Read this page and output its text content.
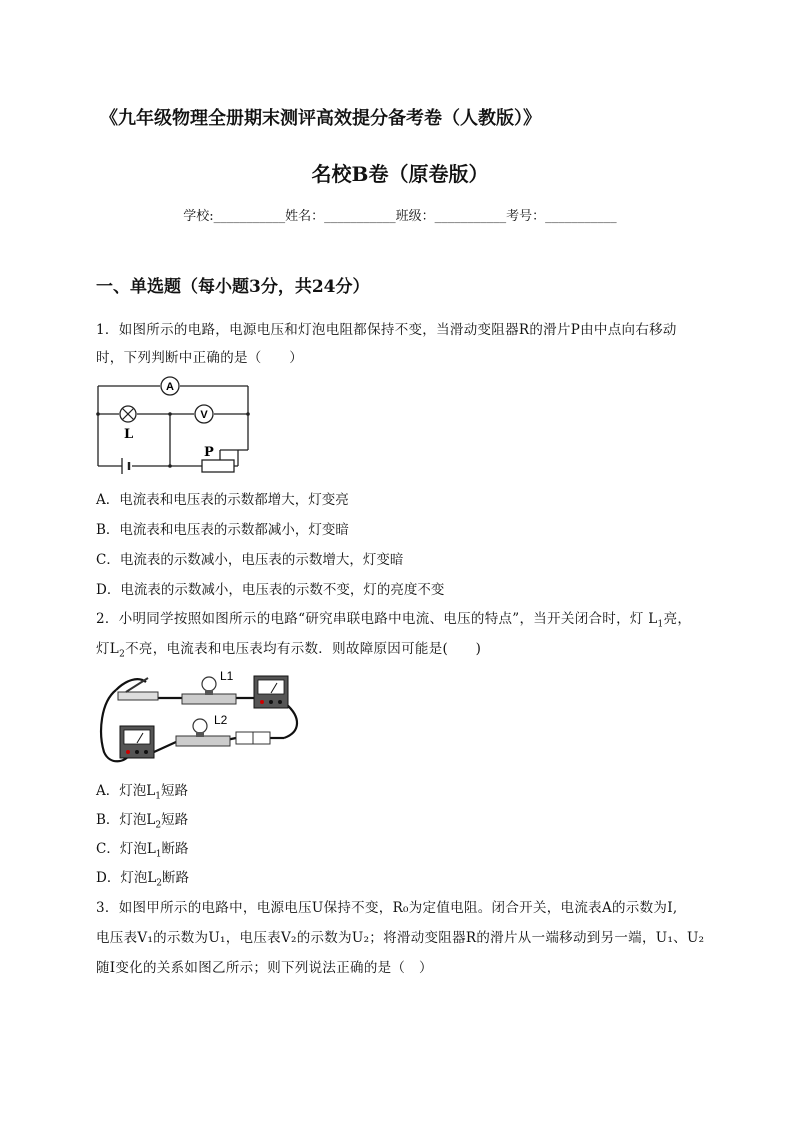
《九年级物理全册期末测评高效提分备考卷（人教版）》
名校B卷（原卷版）
学校:___________姓名：___________班级：___________考号：___________
一、单选题（每小题3分，共24分）
1．如图所示的电路，电源电压和灯泡电阻都保持不变，当滑动变阻器R的滑片P由中点向右移动
时，下列判断中正确的是（　　）
A
V
L
P
A．电流表和电压表的示数都增大，灯变亮
B．电流表和电压表的示数都减小，灯变暗
C．电流表的示数减小，电压表的示数增大，灯变暗
D．电流表的示数减小，电压表的示数不变，灯的亮度不变
2．小明同学按照如图所示的电路“研究串联电路中电流、电压的特点”，当开关闭合时，灯 $L_1$亮，
灯$L_2$不亮，电流表和电压表均有示数．则故障原因可能是(　　)
L1
L2
A．灯泡$L_1$短路
B．灯泡$L_2$短路
C．灯泡$L_1$断路
D．灯泡$L_2$断路
3．如图甲所示的电路中，电源电压U保持不变，R₀为定值电阻。闭合开关，电流表A的示数为I,
电压表V₁的示数为U₁，电压表V₂的示数为U₂；将滑动变阻器R的滑片从一端移动到另一端，U₁、U₂
随I变化的关系如图乙所示；则下列说法正确的是（　）
